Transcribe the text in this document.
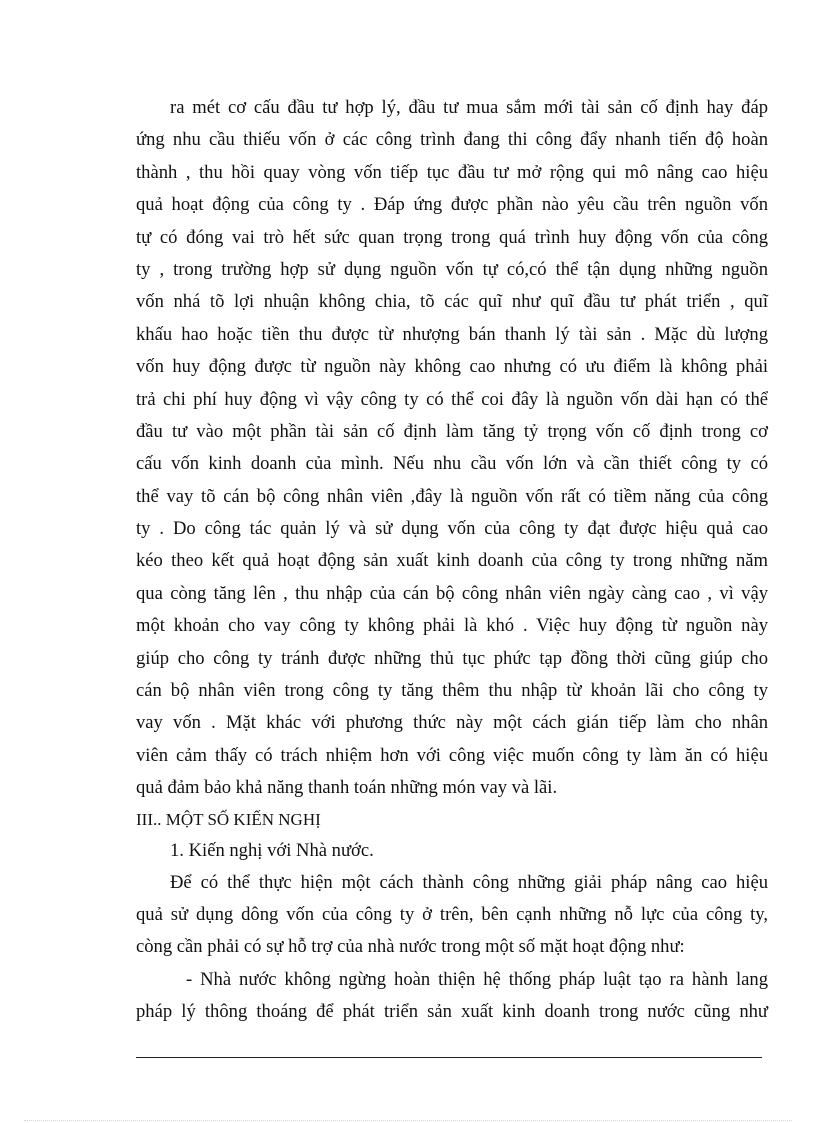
ra mét cơ cấu đầu tư hợp lý, đầu tư mua sắm mới tài sản cố định hay đáp
ứng nhu cầu thiếu vốn ở các công trình đang thi công đẩy nhanh tiến độ hoàn
thành , thu hồi quay vòng vốn tiếp tục đầu tư mở rộng qui mô nâng cao hiệu
quả hoạt động của công ty . Đáp ứng được phần nào yêu cầu trên nguồn vốn
tự có đóng vai trò hết sức quan trọng trong quá trình huy động vốn của công
ty , trong trường hợp sử dụng nguồn vốn tự có,có thể tận dụng những nguồn
vốn nhá tõ lợi nhuận không chia, tõ các quĩ như quĩ đầu tư phát triển , quĩ
khấu hao hoặc tiền thu được từ nhượng bán thanh lý tài sản . Mặc dù lượng
vốn huy động được từ nguồn này không cao nhưng có ưu điểm là không phải
trả chi phí huy động vì vậy công ty có thể coi đây là nguồn vốn dài hạn có thể
đầu tư vào một phần tài sản cố định làm tăng tỷ trọng vốn cố định trong cơ
cấu vốn kinh doanh của mình. Nếu nhu cầu vốn lớn và cần thiết công ty có
thể vay tõ cán bộ công nhân viên ,đây là nguồn vốn rất có tiềm năng của công
ty . Do công tác quản lý và sử dụng vốn của công ty đạt được hiệu quả cao
kéo theo kết quả hoạt động sản xuất kinh doanh của công ty trong những năm
qua còng tăng lên , thu nhập của cán bộ công nhân viên ngày càng cao , vì vậy
một khoản cho vay công ty không phải là khó . Việc huy động từ nguồn này
giúp cho công ty tránh được những thủ tục phức tạp đồng thời cũng giúp cho
cán bộ nhân viên trong công ty tăng thêm thu nhập từ khoản lãi cho công ty
vay vốn . Mặt khác với phương thức này một cách gián tiếp làm cho nhân
viên cảm thấy có trách nhiệm hơn với công việc muốn công ty làm ăn có hiệu
quả đảm bảo khả năng thanh toán những món vay và lãi.
III.. MỘT SỐ KIẾN NGHỊ
1. Kiến nghị với Nhà nước.
Để có thể thực hiện một cách thành công những giải pháp nâng cao hiệu
quả sử dụng dông vốn của công ty ở trên, bên cạnh những nỗ lực của công ty,
còng cần phải có sự hỗ trợ của nhà nước trong một số mặt hoạt động như:
- Nhà nước không ngừng hoàn thiện hệ thống pháp luật tạo ra hành lang
pháp lý thông thoáng để phát triển sản xuất kinh doanh trong nước cũng như
